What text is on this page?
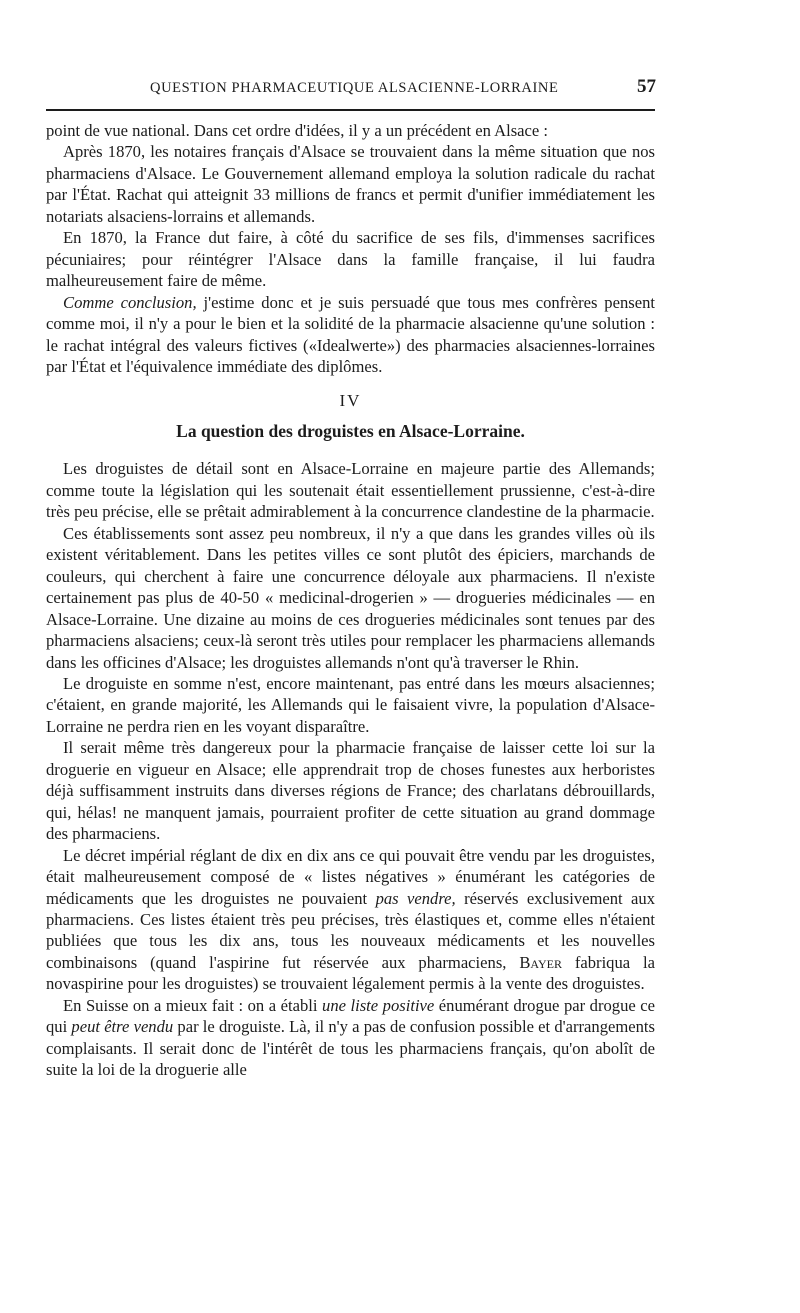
QUESTION PHARMACEUTIQUE ALSACIENNE-LORRAINE	57

point de vue national. Dans cet ordre d'idées, il y a un précédent en Alsace :

Après 1870, les notaires français d'Alsace se trouvaient dans la même situation que nos pharmaciens d'Alsace. Le Gouvernement allemand employa la solution radicale du rachat par l'État. Rachat qui atteignit 33 millions de francs et permit d'unifier immédiatement les notariats alsaciens-lorrains et allemands.

En 1870, la France dut faire, à côté du sacrifice de ses fils, d'immenses sacrifices pécuniaires; pour réintégrer l'Alsace dans la famille française, il lui faudra malheureusement faire de même.

Comme conclusion, j'estime donc et je suis persuadé que tous mes confrères pensent comme moi, il n'y a pour le bien et la solidité de la pharmacie alsacienne qu'une solution : le rachat intégral des valeurs fictives («Idealwerte») des pharmacies alsaciennes-lorraines par l'État et l'équivalence immédiate des diplômes.

IV
La question des droguistes en Alsace-Lorraine.

Les droguistes de détail sont en Alsace-Lorraine en majeure partie des Allemands; comme toute la législation qui les soutenait était essentiellement prussienne, c'est-à-dire très peu précise, elle se prêtait admirablement à la concurrence clandestine de la pharmacie.

Ces établissements sont assez peu nombreux, il n'y a que dans les grandes villes où ils existent véritablement. Dans les petites villes ce sont plutôt des épiciers, marchands de couleurs, qui cherchent à faire une concurrence déloyale aux pharmaciens. Il n'existe certainement pas plus de 40-50 « medicinal-drogerien » — drogueries médicinales — en Alsace-Lorraine. Une dizaine au moins de ces drogueries médicinales sont tenues par des pharmaciens alsaciens; ceux-là seront très utiles pour remplacer les pharmaciens allemands dans les officines d'Alsace; les droguistes allemands n'ont qu'à traverser le Rhin.

Le droguiste en somme n'est, encore maintenant, pas entré dans les mœurs alsaciennes; c'étaient, en grande majorité, les Allemands qui le faisaient vivre, la population d'Alsace-Lorraine ne perdra rien en les voyant disparaître.

Il serait même très dangereux pour la pharmacie française de laisser cette loi sur la droguerie en vigueur en Alsace; elle apprendrait trop de choses funestes aux herboristes déjà suffisamment instruits dans diverses régions de France; des charlatans débrouillards, qui, hélas! ne manquent jamais, pourraient profiter de cette situation au grand dommage des pharmaciens.

Le décret impérial réglant de dix en dix ans ce qui pouvait être vendu par les droguistes, était malheureusement composé de « listes négatives » énumérant les catégories de médicaments que les droguistes ne pouvaient pas vendre, réservés exclusivement aux pharmaciens. Ces listes étaient très peu précises, très élastiques et, comme elles n'étaient publiées que tous les dix ans, tous les nouveaux médicaments et les nouvelles combinaisons (quand l'aspirine fut réservée aux pharmaciens, Bayer fabriqua la novaspirine pour les droguistes) se trouvaient légalement permis à la vente des droguistes.

En Suisse on a mieux fait : on a établi une liste positive énumérant drogue par drogue ce qui peut être vendu par le droguiste. Là, il n'y a pas de confusion possible et d'arrangements complaisants. Il serait donc de l'intérêt de tous les pharmaciens français, qu'on abolît de suite la loi de la droguerie alle
